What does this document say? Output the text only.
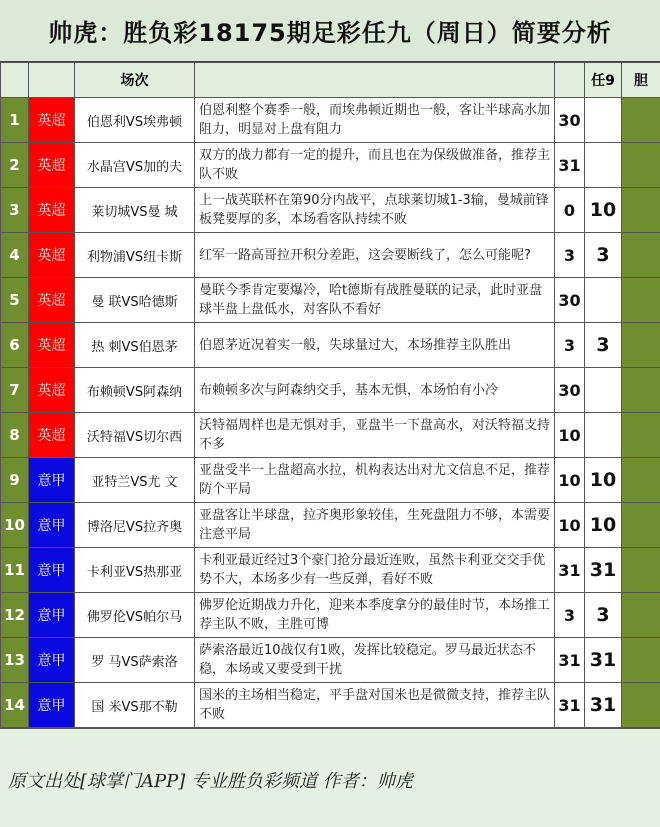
帅虎：胜负彩18175期足彩任九（周日）简要分析
		场次			任9	胆
1	英超	伯恩利VS埃弗顿	伯恩利整个赛季一般，而埃弗顿近期也一般，客让半球高水加阻力，明显对上盘有阻力	30		
2	英超	水晶宫VS加的夫	双方的战力都有一定的提升，而且也在为保级做准备，推荐主队不败	31		
3	英超	莱切城VS曼 城	上一战英联杯在第90分内战平，点球莱切城1-3输，曼城前锋板凳要厚的多，本场看客队持续不败	0	10	
4	英超	利物浦VS纽卡斯	红军一路高哥拉开积分差距，这会要断线了，怎么可能呢?	3	3	
5	英超	曼 联VS哈德斯	曼联今季肯定要爆冷，哈t德斯有战胜曼联的记录，此时亚盘球半盘上盘低水，对客队不看好	30		
6	英超	热 刺VS伯恩茅	伯恩茅近况着实一般，失球量过大，本场推荐主队胜出	3	3	
7	英超	布赖顿VS阿森纳	布赖顿多次与阿森纳交手，基本无惧，本场怕有小冷	30		
8	英超	沃特福VS切尔西	沃特福周样也是无惧对手，亚盘半一下盘高水，对沃特福支持不多	10		
9	意甲	亚特兰VS尤 文	亚盘受半一上盘超高水拉，机构表达出对尤文信息不足，推荐防个平局	10	10	
10	意甲	博洛尼VS拉齐奥	亚盘客让半球盘，拉齐奥形象较佳，生死盘阻力不够，本需要注意平局	10	10	
11	意甲	卡利亚VS热那亚	卡利亚最近经过3个豪门抢分最近连败，虽然卡利亚交交手优势不大，本场多少有一些反弹，看好不败	31	31	
12	意甲	佛罗伦VS帕尔马	佛罗伦近期战力升化，迎来本季度拿分的最佳时节，本场推工荐主队不败，主胜可博	3	3	
13	意甲	罗 马VS萨索洛	萨索洛最近10战仅有1败，发挥比较稳定。罗马最近状态不稳，本场或又要受到干扰	31	31	
14	意甲	国 米VS那不勒	国米的主场相当稳定，平手盘对国米也是微微支持，推荐主队不败	31	31	
原文出处[球掌门APP] 专业胜负彩频道 作者：帅虎
